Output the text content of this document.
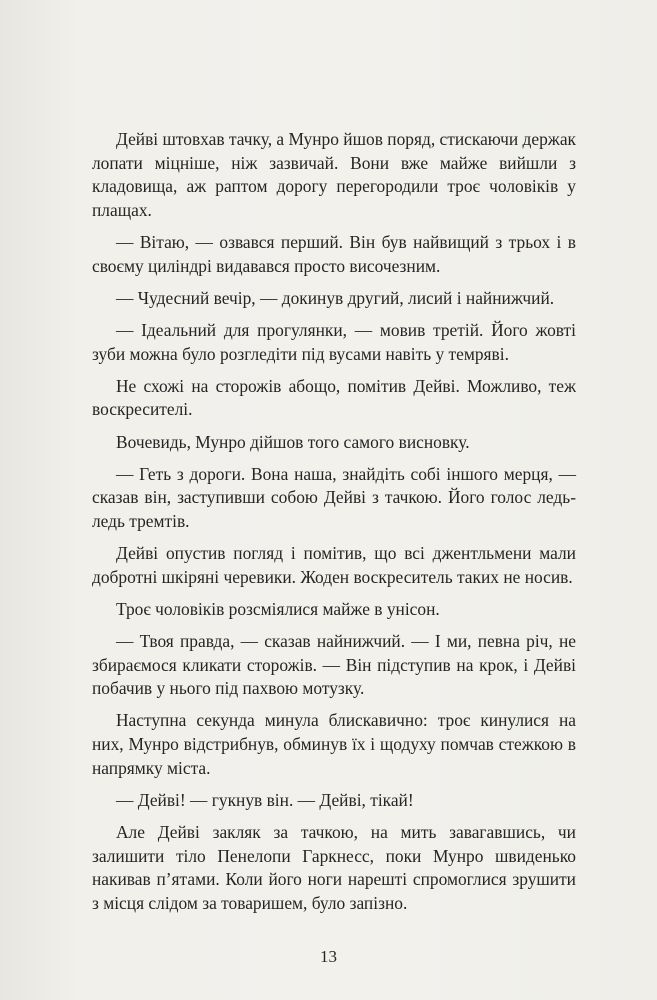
Дейві штовхав тачку, а Мунро йшов поряд, стискаючи держак лопати міцніше, ніж зазвичай. Вони вже майже вийшли з кладовища, аж раптом дорогу перегородили троє чоловіків у плащах.

— Вітаю, — озвався перший. Він був найвищий з трьох і в своєму циліндрі видавався просто височезним.

— Чудесний вечір, — докинув другий, лисий і найнижчий.

— Ідеальний для прогулянки, — мовив третій. Його жовті зуби можна було розгледіти під вусами навіть у темряві.

Не схожі на сторожів абощо, помітив Дейві. Можливо, теж воскресителі.

Вочевидь, Мунро дійшов того самого висновку.

— Геть з дороги. Вона наша, знайдіть собі іншого мерця, — сказав він, заступивши собою Дейві з тачкою. Його голос ледь-ледь тремтів.

Дейві опустив погляд і помітив, що всі джентльмени мали добротні шкіряні черевики. Жоден воскреситель таких не носив.

Троє чоловіків розсміялися майже в унісон.

— Твоя правда, — сказав найнижчий. — І ми, певна річ, не збираємося кликати сторожів. — Він підступив на крок, і Дейві побачив у нього під пахвою мотузку.

Наступна секунда минула блискавично: троє кинулися на них, Мунро відстрибнув, обминув їх і щодуху помчав стежкою в напрямку міста.

— Дейві! — гукнув він. — Дейві, тікай!

Але Дейві закляк за тачкою, на мить завагавшись, чи залишити тіло Пенелопи Гаркнесс, поки Мунро швиденько накивав п’ятами. Коли його ноги нарешті спромоглися зрушити з місця слідом за товаришем, було запізно.

13
